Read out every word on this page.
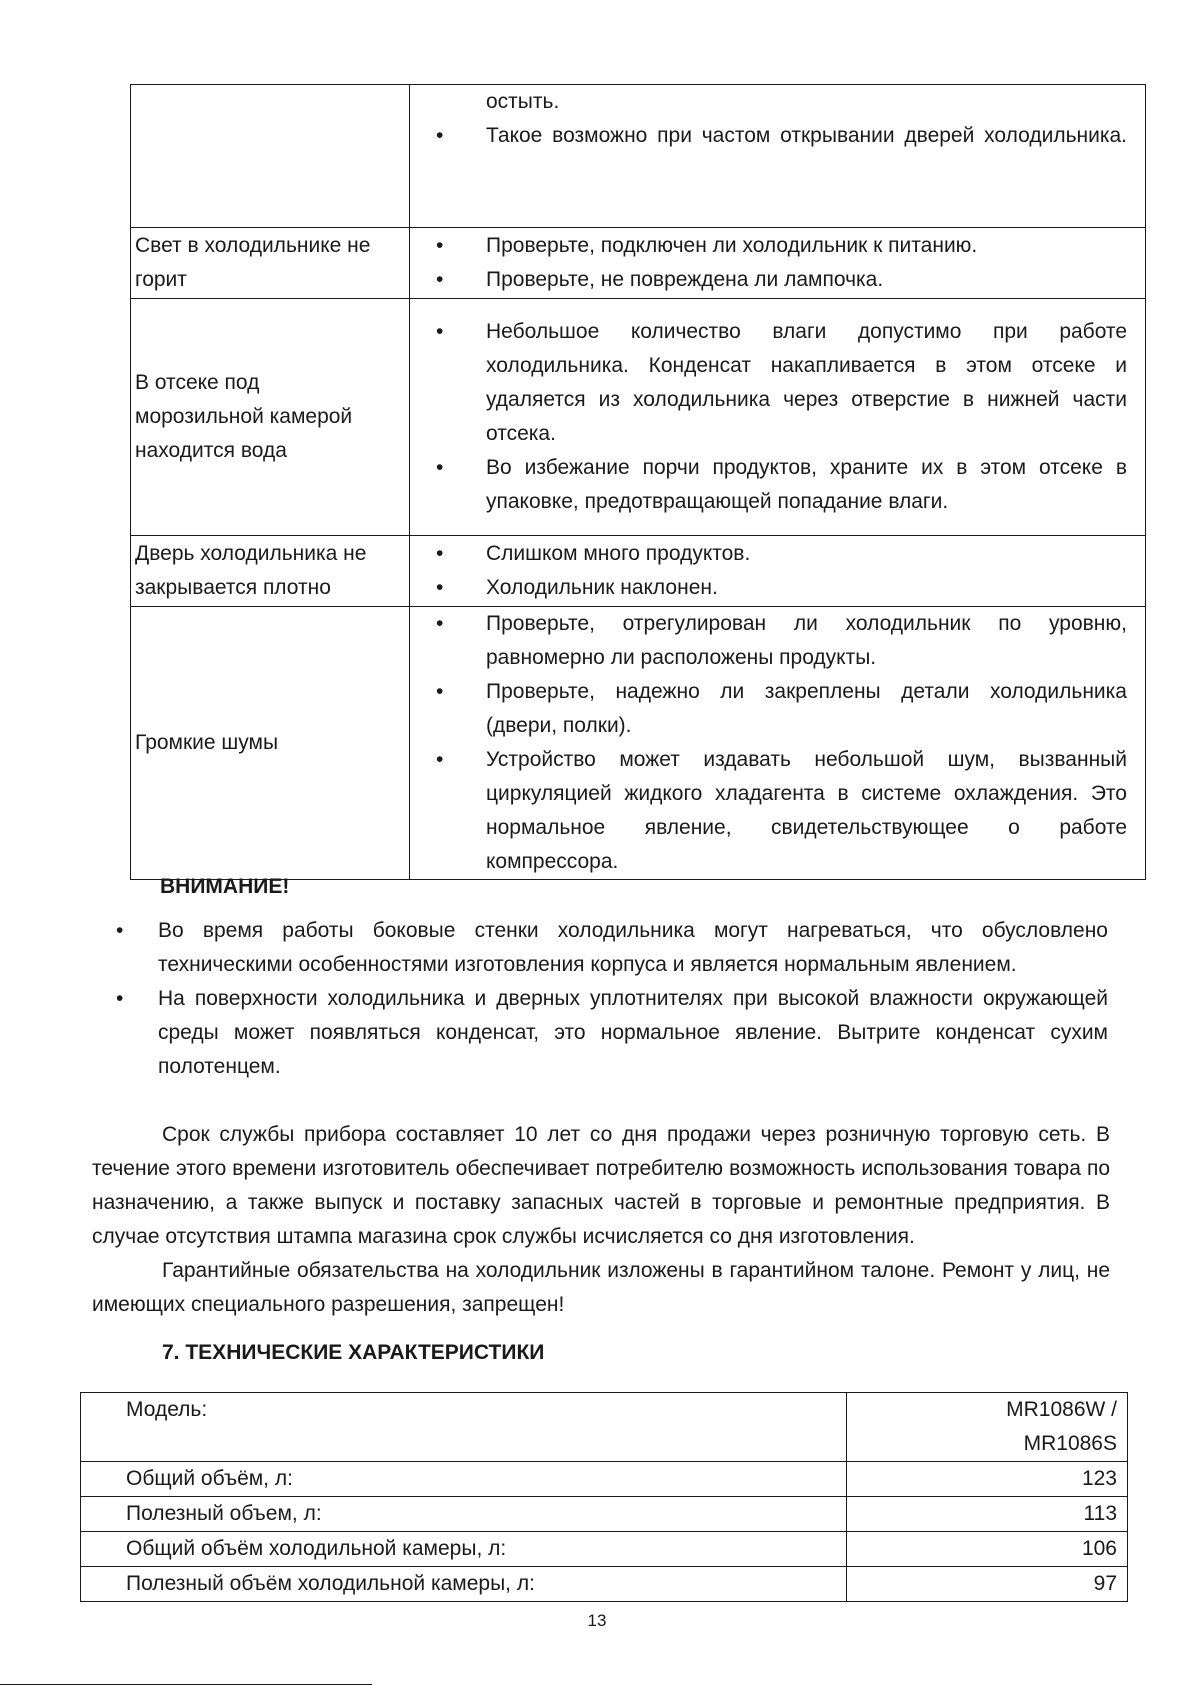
	остыть.
• Такое возможно при частом открывании дверей холодильника.

Свет в холодильнике не горит	• Проверьте, подключен ли холодильник к питанию.
• Проверьте, не повреждена ли лампочка.

В отсеке под морозильной камерой находится вода	• Небольшое количество влаги допустимо при работе холодильника. Конденсат накапливается в этом отсеке и удаляется из холодильника через отверстие в нижней части отсека.
• Во избежание порчи продуктов, храните их в этом отсеке в упаковке, предотвращающей попадание влаги.

Дверь холодильника не закрывается плотно	• Слишком много продуктов.
• Холодильник наклонен.

Громкие шумы	• Проверьте, отрегулирован ли холодильник по уровню, равномерно ли расположены продукты.
• Проверьте, надежно ли закреплены детали холодильника (двери, полки).
• Устройство может издавать небольшой шум, вызванный циркуляцией жидкого хладагента в системе охлаждения. Это нормальное явление, свидетельствующее о работе компрессора.
ВНИМАНИЕ!
• Во время работы боковые стенки холодильника могут нагреваться, что обусловлено техническими особенностями изготовления корпуса и является нормальным явлением.
• На поверхности холодильника и дверных уплотнителях при высокой влажности окружающей среды может появляться конденсат, это нормальное явление. Вытрите конденсат сухим полотенцем.

Срок службы прибора составляет 10 лет со дня продажи через розничную торговую сеть. В течение этого времени изготовитель обеспечивает потребителю возможность использования товара по назначению, а также выпуск и поставку запасных частей в торговые и ремонтные предприятия. В случае отсутствия штампа магазина срок службы исчисляется со дня изготовления.

Гарантийные обязательства на холодильник изложены в гарантийном талоне. Ремонт у лиц, не имеющих специального разрешения, запрещен!

7. ТЕХНИЧЕСКИЕ ХАРАКТЕРИСТИКИ
Модель:	MR1086W /
MR1086S

Общий объём, л:	123
Полезный объем, л:	113
Общий объём холодильной камеры, л:	106
Полезный объём холодильной камеры, л:	97
13
